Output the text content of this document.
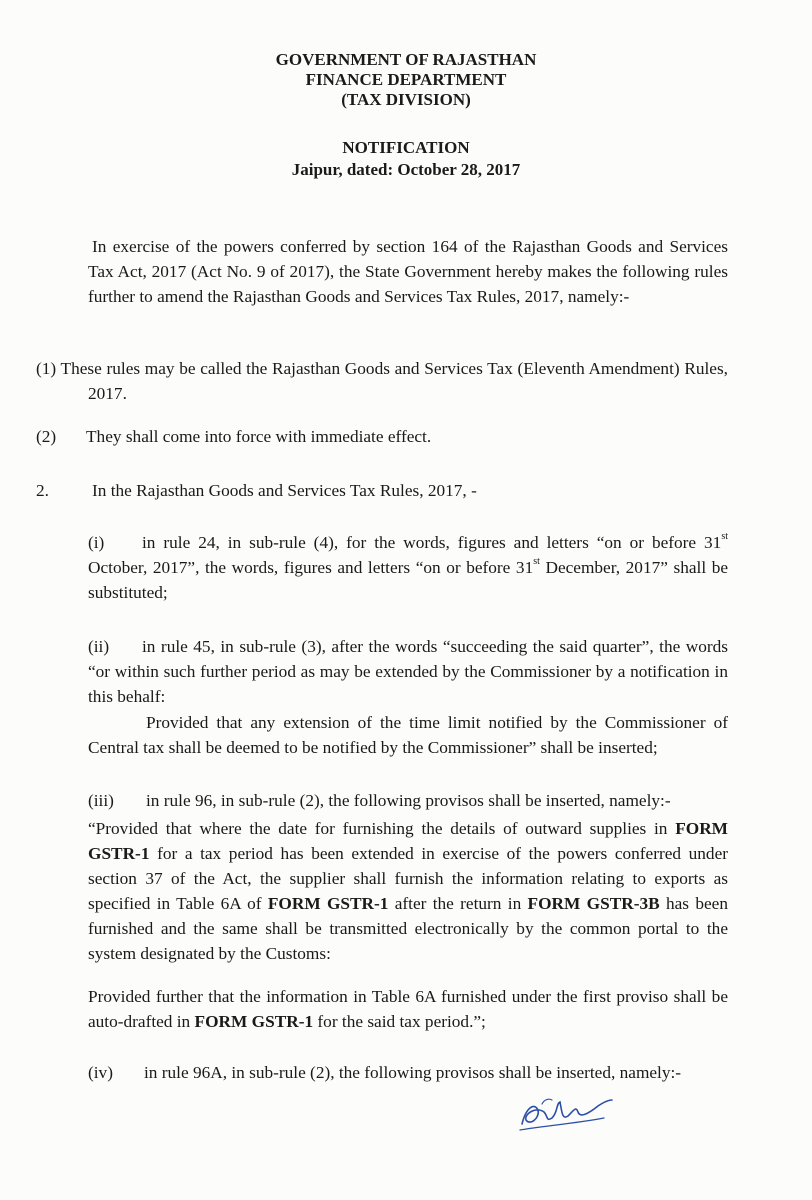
GOVERNMENT OF RAJASTHAN
FINANCE DEPARTMENT
(TAX DIVISION)
NOTIFICATION
Jaipur, dated: October 28, 2017
In exercise of the powers conferred by section 164 of the Rajasthan Goods and Services Tax Act, 2017 (Act No. 9 of 2017), the State Government hereby makes the following rules further to amend the Rajasthan Goods and Services Tax Rules, 2017, namely:-
(1) These rules may be called the Rajasthan Goods and Services Tax (Eleventh Amendment) Rules, 2017.
(2) They shall come into force with immediate effect.
2. In the Rajasthan Goods and Services Tax Rules, 2017, -
(i) in rule 24, in sub-rule (4), for the words, figures and letters “on or before 31st October, 2017”, the words, figures and letters “on or before 31st December, 2017” shall be substituted;
(ii) in rule 45, in sub-rule (3), after the words “succeeding the said quarter”, the words “or within such further period as may be extended by the Commissioner by a notification in this behalf:
Provided that any extension of the time limit notified by the Commissioner of Central tax shall be deemed to be notified by the Commissioner” shall be inserted;
(iii) in rule 96, in sub-rule (2), the following provisos shall be inserted, namely:-
“Provided that where the date for furnishing the details of outward supplies in FORM GSTR-1 for a tax period has been extended in exercise of the powers conferred under section 37 of the Act, the supplier shall furnish the information relating to exports as specified in Table 6A of FORM GSTR-1 after the return in FORM GSTR-3B has been furnished and the same shall be transmitted electronically by the common portal to the system designated by the Customs:
Provided further that the information in Table 6A furnished under the first proviso shall be auto-drafted in FORM GSTR-1 for the said tax period.”;
(iv) in rule 96A, in sub-rule (2), the following provisos shall be inserted, namely:-
